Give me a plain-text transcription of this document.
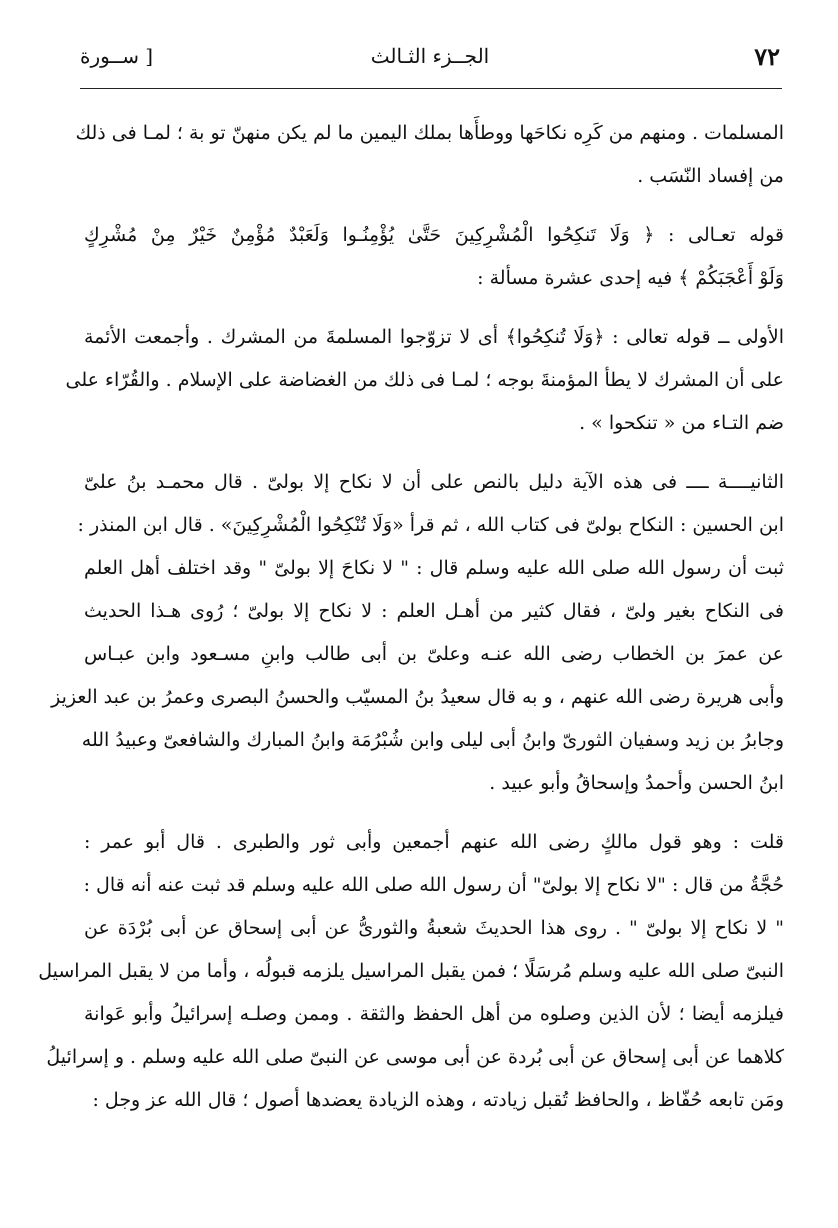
٧٢
الجــزء الثـالث
[ ســورة
المسلمات . ومنهم من كَرِه نكاحَها ووطأَها بملك اليمين ما لم يكن منهنّ تو بة ؛ لمـا فى ذلك
من إفساد النّسَب .
قوله تعـالى : ﴿ وَلَا تَنكِحُوا الْمُشْرِكِينَ حَتَّىٰ يُؤْمِنُـوا وَلَعَبْدٌ مُؤْمِنٌ خَيْرٌ مِنْ مُشْرِكٍ
وَلَوْ أَعْجَبَكُمْ ﴾ فيه إحدى عشرة مسألة :
الأولى ــ قوله تعالى : ﴿وَلَا تُنكِحُوا﴾ أى لا تزوّجوا المسلمةَ من المشرك . وأجمعت الأئمة
على أن المشرك لا يطأ المؤمنةَ بوجه ؛ لمـا فى ذلك من الغضاضة على الإسلام . والقُرّاء على
ضم التـاء من « تنكحوا » .
الثانيــــة ــــ فى هذه الآية دليل بالنص على أن لا نكاح إلا بولىّ . قال محمـد بنُ علىّ
ابن الحسين : النكاح بولىّ فى كتاب الله ، ثم قرأ «وَلَا تُنْكِحُوا الْمُشْرِكِينَ» . قال ابن المنذر :
ثبت أن رسول الله صلى الله عليه وسلم قال : " لا نكاحَ إلا بولىّ " وقد اختلف أهل العلم
فى النكاح بغير ولىّ ، فقال كثير من أهـل العلم : لا نكاح إلا بولىّ ؛ رُوى هـذا الحديث
عن عمرَ بن الخطاب رضى الله عنـه وعلىّ بن أبى طالب وابنِ مسـعود وابن عبـاس
وأبى هريرة رضى الله عنهم ، و به قال سعيدُ بنُ المسيّب والحسنُ البصرى وعمرُ بن عبد العزيز
وجابرُ بن زيد وسفيان الثورىّ وابنُ أبى ليلى وابن شُبْرُمَة وابنُ المبارك والشافعىّ وعبيدُ الله
ابنُ الحسن وأحمدُ وإسحاقُ وأبو عبيد .
قلت : وهو قول مالكٍ رضى الله عنهم أجمعين وأبى ثور والطبرى . قال أبو عمر :
حُجَّةُ من قال : "لا نكاح إلا بولىّ" أن رسول الله صلى الله عليه وسلم قد ثبت عنه أنه قال :
" لا نكاح إلا بولىّ " . روى هذا الحديثَ شعبةُ والثورىُّ عن أبى إسحاق عن أبى بُرْدَة عن
النبىّ صلى الله عليه وسلم مُرسَلًا ؛ فمن يقبل المراسيل يلزمه قبولُه ، وأما من لا يقبل المراسيل
فيلزمه أيضا ؛ لأن الذين وصلوه من أهل الحفظ والثقة . وممن وصلـه إسرائيلُ وأبو عَوانة
كلاهما عن أبى إسحاق عن أبى بُردة عن أبى موسى عن النبىّ صلى الله عليه وسلم . و إسرائيلُ
ومَن تابعه حُفّاظ ، والحافظ تُقبل زيادته ، وهذه الزيادة يعضدها أصول ؛ قال الله عز وجل :
